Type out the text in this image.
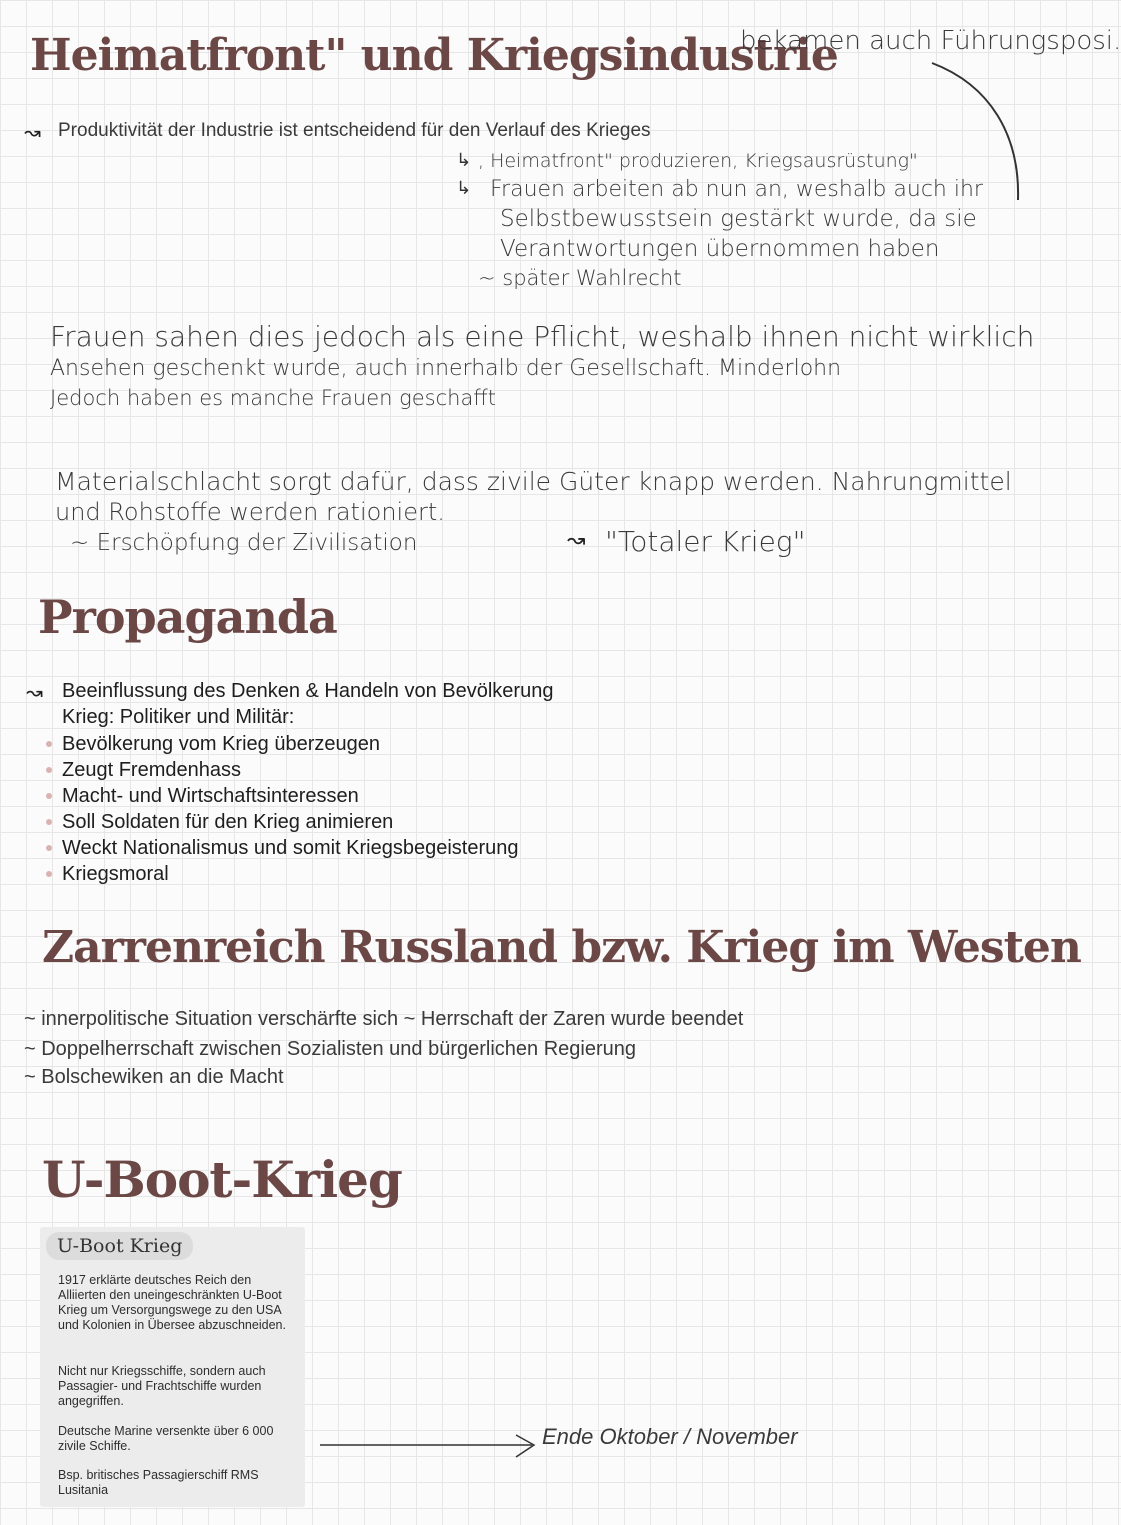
Heimatfront" und Kriegsindustrie
bekamen auch Führungsposi.
↝ Produktivität der Industrie ist entscheidend für den Verlauf des Krieges
↳ , Heimatfront" produzieren, Kriegsausrüstung"
↳ Frauen arbeiten ab nun an, weshalb auch ihr
Selbstbewusstsein gestärkt wurde, da sie
Verantwortungen übernommen haben
~ später Wahlrecht
Frauen sahen dies jedoch als eine Pflicht, weshalb ihnen nicht wirklich
Ansehen geschenkt wurde, auch innerhalb der Gesellschaft. Minderlohn
Jedoch haben es manche Frauen geschafft
Materialschlacht sorgt dafür, dass zivile Güter knapp werden. Nahrungmittel
und Rohstoffe werden rationiert.
~ Erschöpfung der Zivilisation	↝ "Totaler Krieg"
Propaganda
↝ Beeinflussung des Denken & Handeln von Bevölkerung
Krieg: Politiker und Militär:
Bevölkerung vom Krieg überzeugen
Zeugt Fremdenhass
Macht- und Wirtschaftsinteressen
Soll Soldaten für den Krieg animieren
Weckt Nationalismus und somit Kriegsbegeisterung
Kriegsmoral
Zarrenreich Russland bzw. Krieg im Westen
~ innerpolitische Situation verschärfte sich ~ Herrschaft der Zaren wurde beendet
~ Doppelherrschaft zwischen Sozialisten und bürgerlichen Regierung
~ Bolschewiken an die Macht
U-Boot-Krieg
U-Boot Krieg

1917 erklärte deutsches Reich den Alliierten den uneingeschränkten U-Boot Krieg um Versorgungswege zu den USA und Kolonien in Übersee abzuschneiden.

Nicht nur Kriegsschiffe, sondern auch Passagier- und Frachtschiffe wurden angegriffen.

Deutsche Marine versenkte über 6 000 zivile Schiffe.

Bsp. britisches Passagierschiff RMS Lusitania

Ende Oktober / November
